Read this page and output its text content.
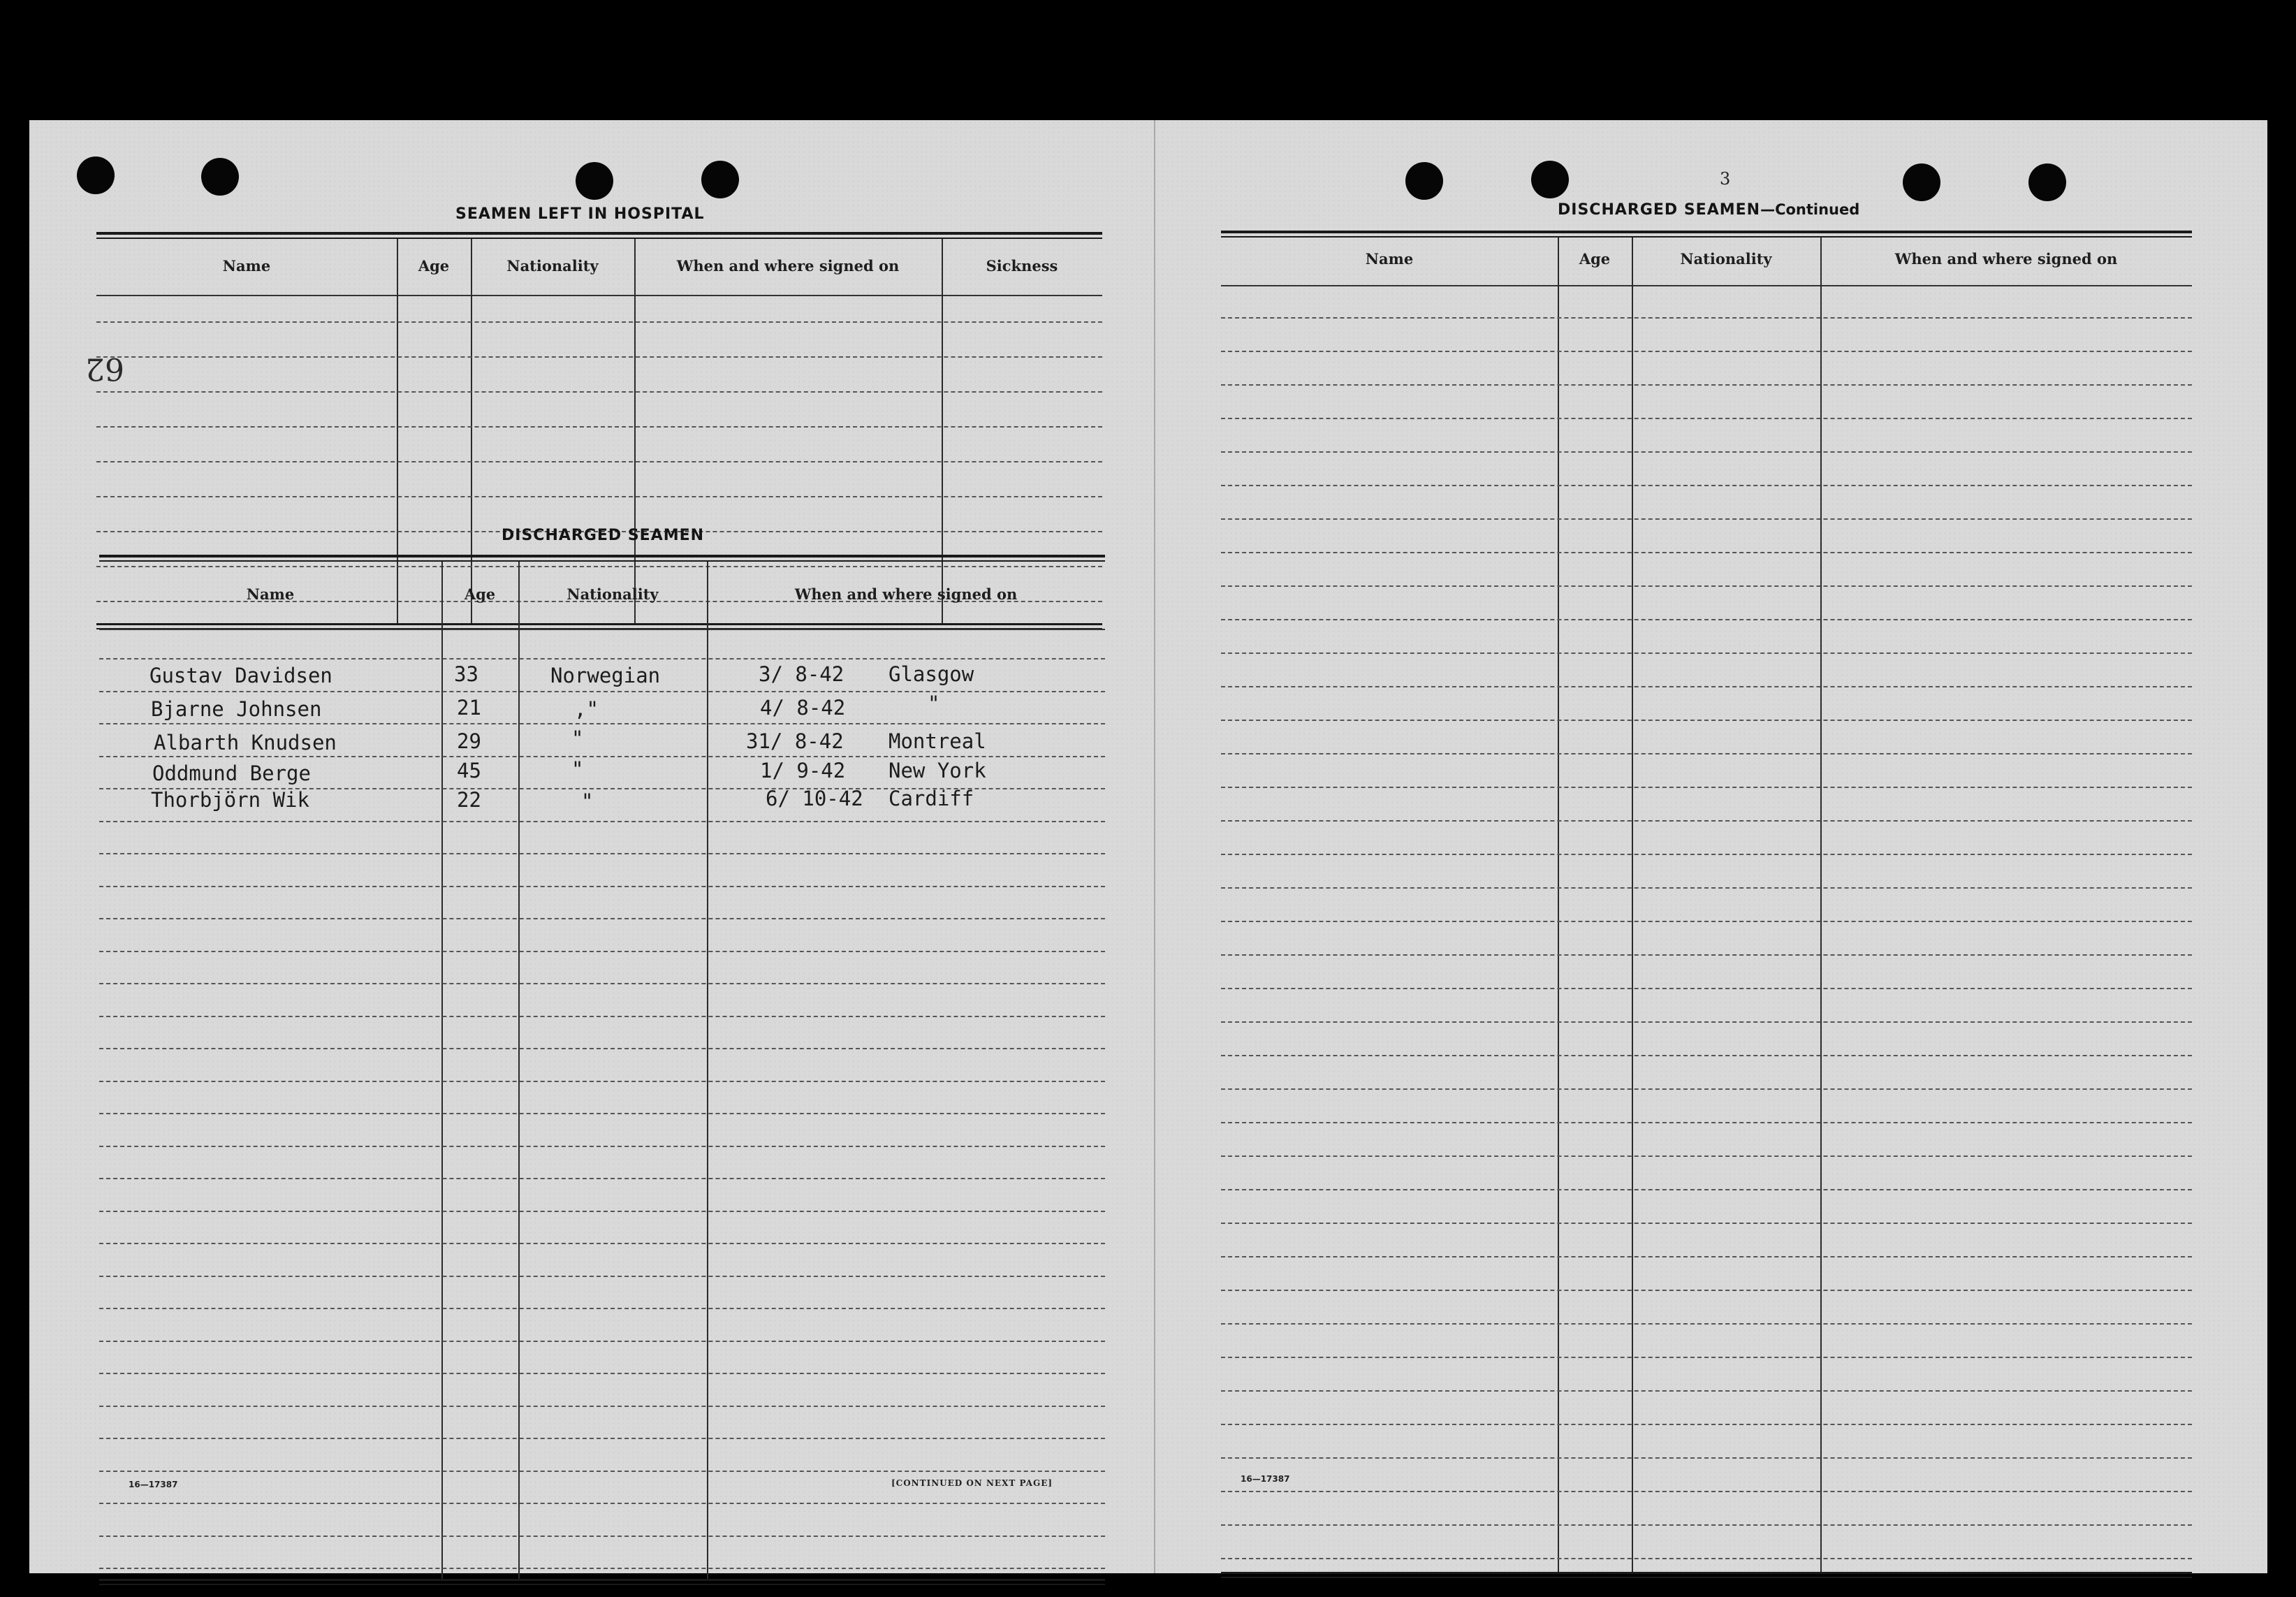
62
SEAMEN LEFT IN HOSPITAL
Name	Age	Nationality	When and where signed on	Sickness
DISCHARGED SEAMEN
Name	Age	Nationality	When and where signed on
Gustav Davidsen	33	Norwegian	3/ 8-42 Glasgow
Bjarne Johnsen	21	,"	4/ 8-42	"
Albarth Knudsen	29	"	31/ 8-42 Montreal
Oddmund Berge	45	"	1/ 9-42 New York
Thorbjörn Wik	22	"	6/ 10-42 Cardiff
16—17387	[CONTINUED ON NEXT PAGE]
3
DISCHARGED SEAMEN—Continued
Name	Age	Nationality	When and where signed on
16—17387
